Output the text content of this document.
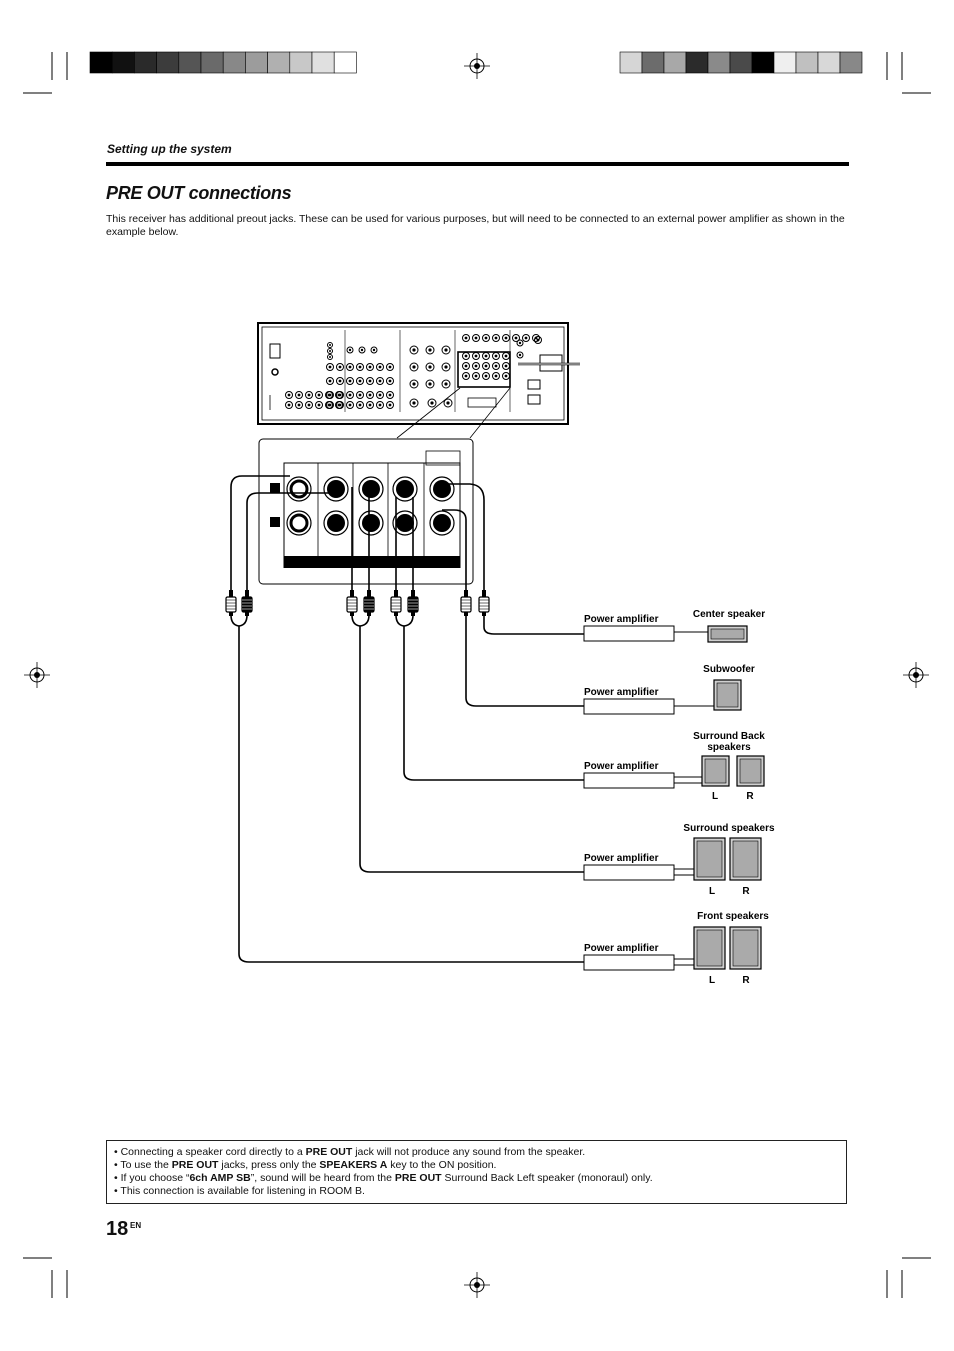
Setting up the system
PRE OUT connections
This receiver has additional preout jacks. These can be used for various purposes, but will need to be connected to an external power amplifier as shown in the example below.
Power amplifier	Center speaker
Power amplifier
Subwoofer
Power amplifier
Surround Back
speakers
L	R
Power amplifier
Surround speakers
L	R
Power amplifier
Front speakers
L	R
• Connecting a speaker cord directly to a PRE OUT jack will not produce any sound from the speaker.
• To use the PRE OUT jacks, press only the SPEAKERS A key to the ON position.
• If you choose “6ch AMP SB”, sound will be heard from the PRE OUT Surround Back Left speaker (monoraul) only.
• This connection is available for listening in ROOM B.
18 EN
